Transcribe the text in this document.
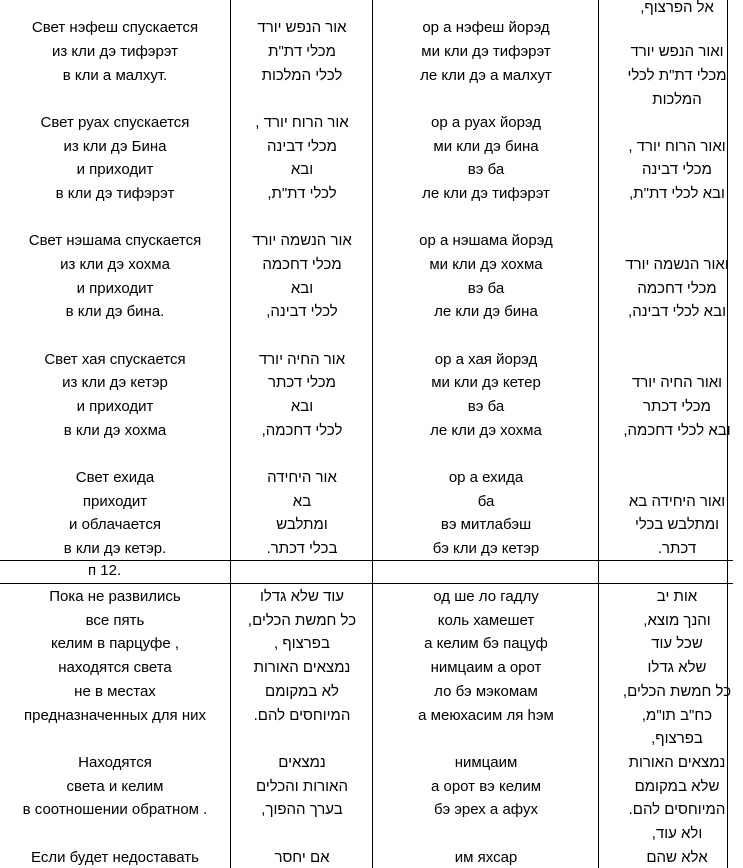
Свет нэфеш спускается
из кли дэ тифэрэт
в кли а малхут.
Свет руах спускается
из кли дэ Бина
и приходит
в кли дэ тифэрэт
Свет нэшама спускается
из кли дэ хохма
и приходит
в кли дэ бина.
Свет хая спускается
из кли дэ кетэр
и приходит
в кли дэ хохма
Свет ехида
приходит
и облачается
в кли дэ кетэр.
Пока не развились
все пять
келим в парцуфе ,
находятся света
не в местах
предназначенных для них
Находятся
света и келим
в соотношении обратном .
Если будет недоставать
אור הנפש יורד
מכלי דת"ת
לכלי המלכות
אור הרוח יורד ,
מכלי דבינה
ובא
לכלי דת"ת,
אור הנשמה יורד
מכלי דחכמה
ובא
לכלי דבינה,
אור החיה יורד
מכלי דכתר
ובא
לכלי דחכמה,
אור היחידה
בא
ומתלבש
בכלי דכתר.
עוד שלא גדלו
כל חמשת הכלים,
בפרצוף ,
נמצאים האורות
לא במקומם
המיוחסים להם.
נמצאים
האורות והכלים
בערך ההפוך,
אם יחסר
ор а нэфеш йорэд
ми кли дэ тифэрэт
ле кли дэ а малхут
ор а руах йорэд
ми кли дэ бина
вэ ба
ле кли дэ тифэрэт
ор а нэшама йорэд
ми кли дэ хохма
вэ ба
ле кли дэ бина
ор а хая йорэд
ми кли дэ кетер
вэ ба
ле кли дэ хохма
ор а ехида
ба
вэ митлабэш
бэ кли дэ кетэр
од ше ло гадлу
коль хамешет
а келим бэ пацуф
нимцаим а орот
ло бэ мэкомам
а меюхасим ля hэм
нимцаим
а орот вэ келим
бэ эрех а афух
им яхсар
אל הפרצוף,
ואור הנפש יורד
מכלי דת"ת לכלי
המלכות
ואור הרוח יורד ,
מכלי דבינה
ובא לכלי דת"ת,
ואור הנשמה יורד
מכלי דחכמה
ובא לכלי דבינה,
ואור החיה יורד
מכלי דכתר
ובא לכלי דחכמה,
ואור היחידה בא
ומתלבש בכלי
דכתר.
אות יב
והנך מוצא,
שכל עוד
שלא גדלו
כל חמשת הכלים,
כח"ב תו"מ,
בפרצוף,
נמצאים האורות
שלא במקומם
המיוחסים להם.
ולא עוד,
אלא שהם
п 12.
